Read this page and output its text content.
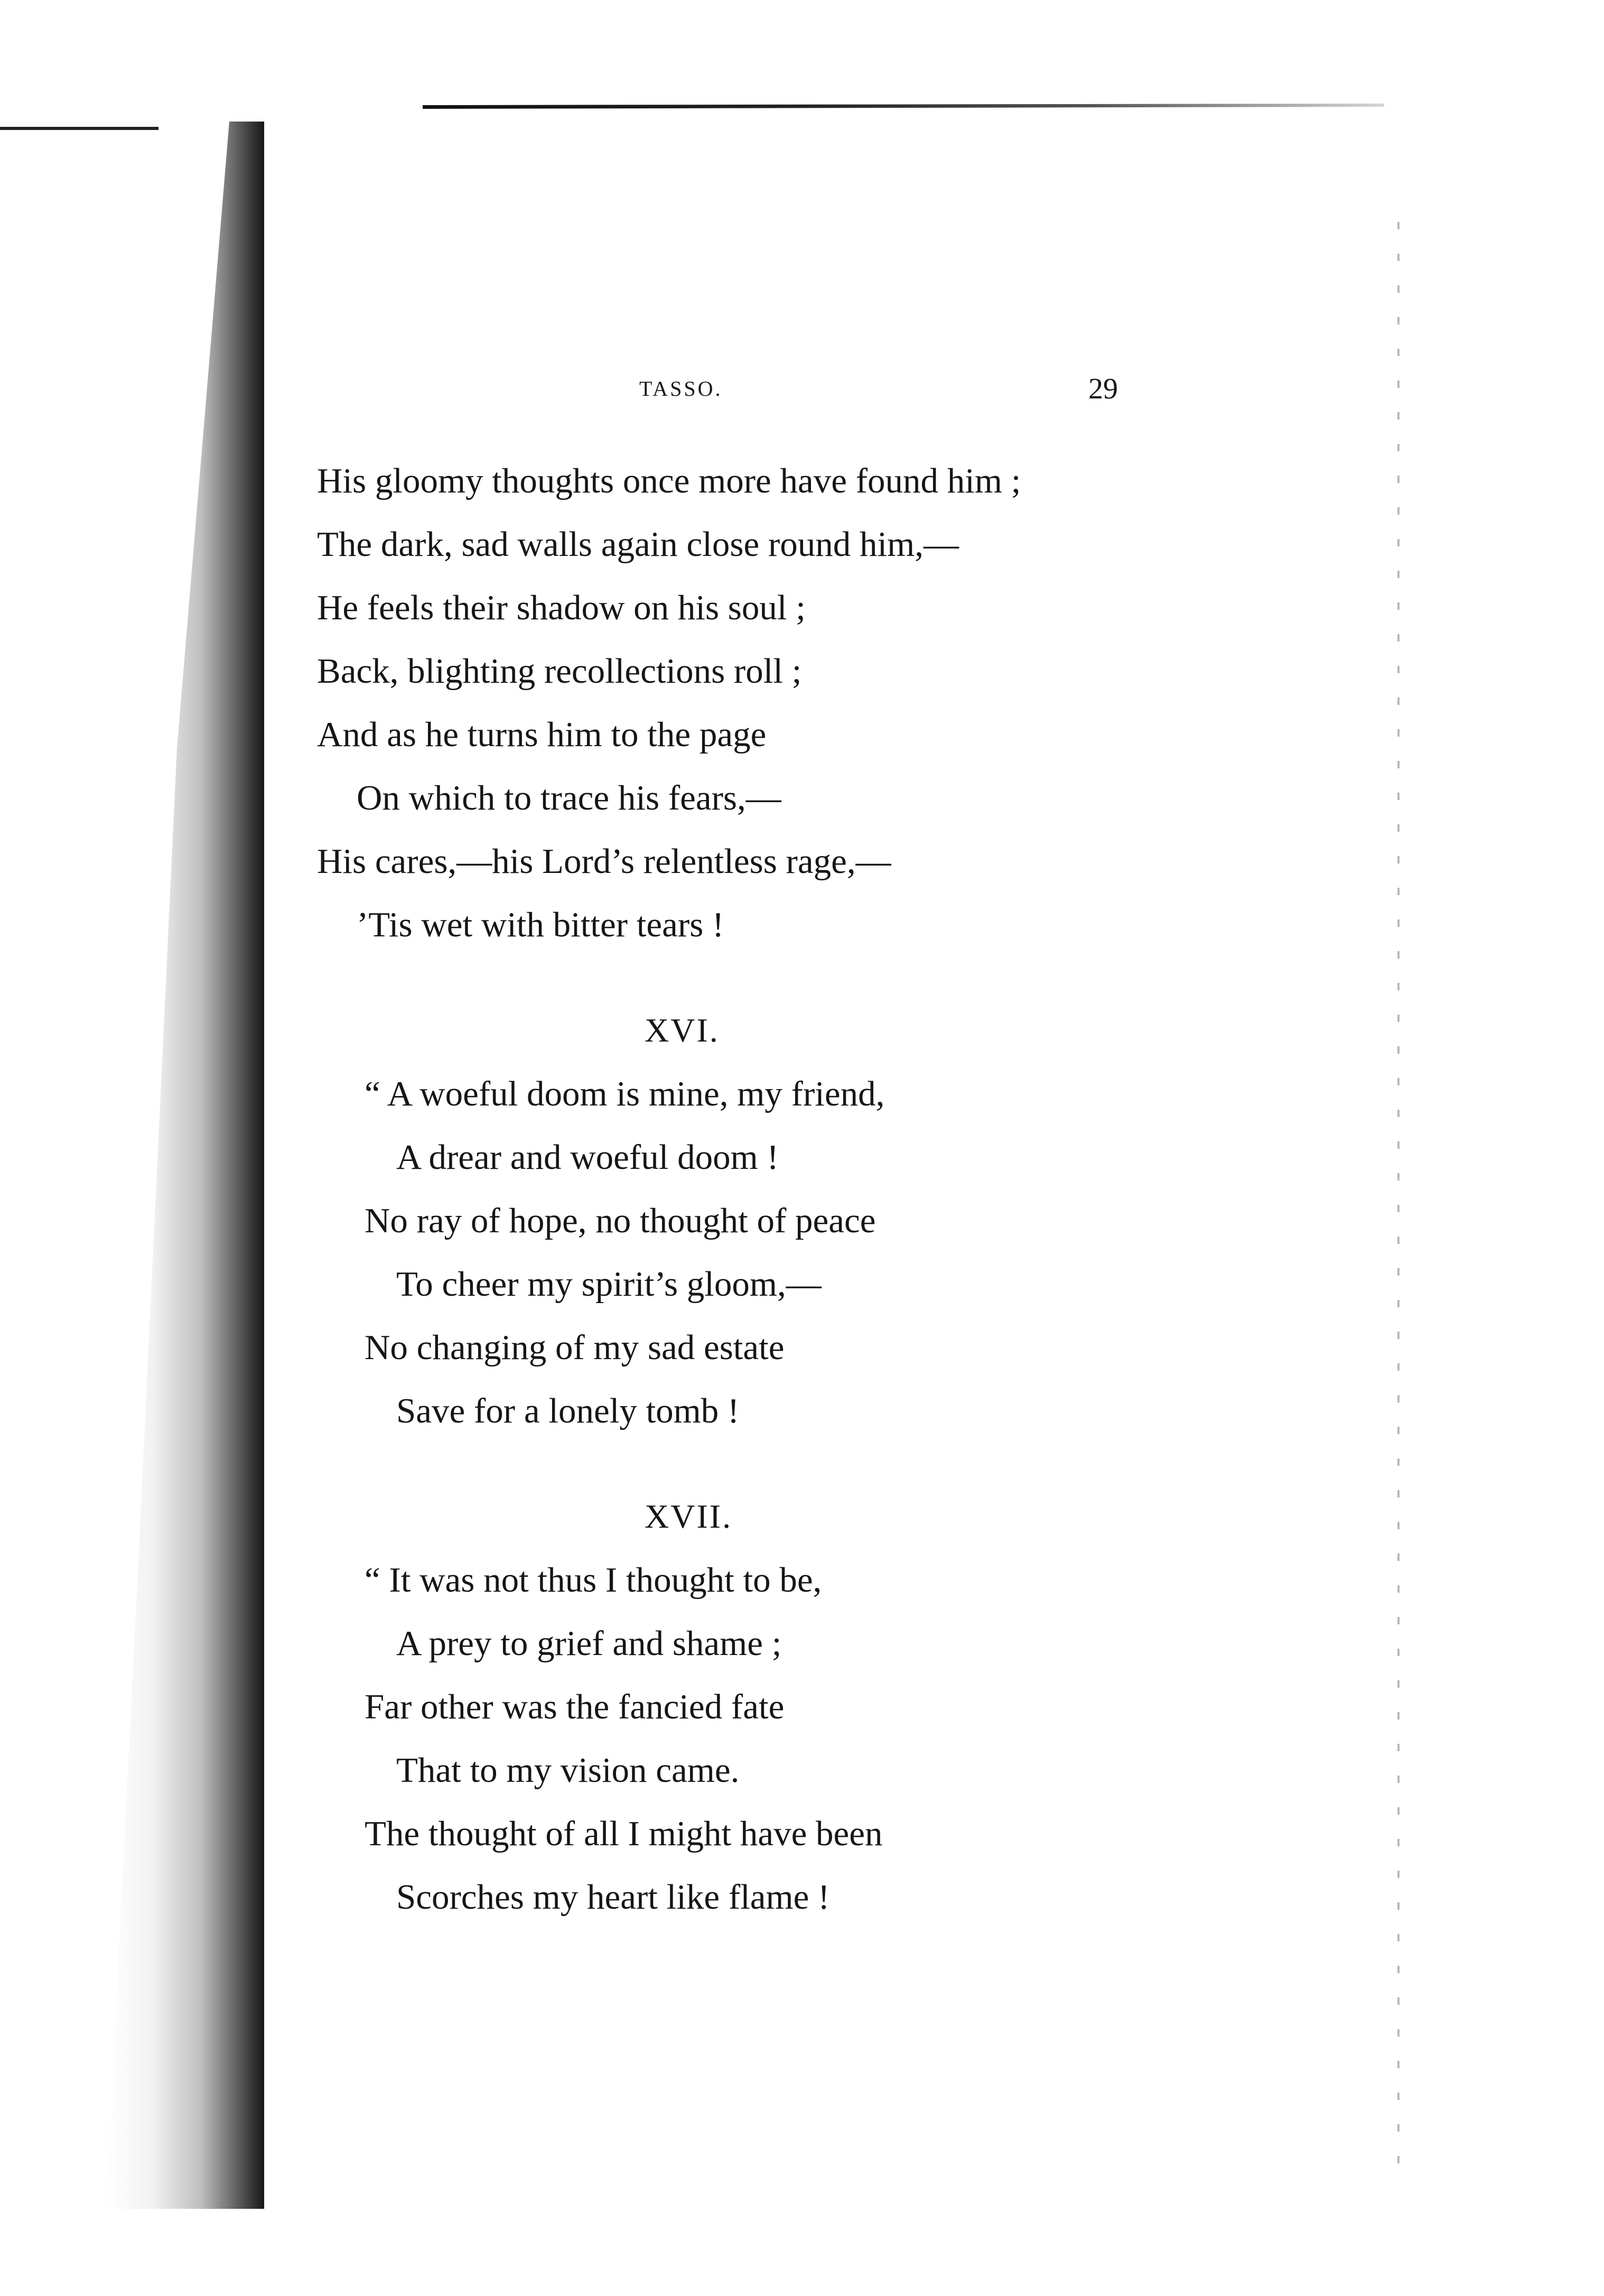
TASSO.	29
His gloomy thoughts once more have found him ;
The dark, sad walls again close round him,—
He feels their shadow on his soul ;
Back, blighting recollections roll ;
And as he turns him to the page
On which to trace his fears,—
His cares,—his Lord’s relentless rage,—
’Tis wet with bitter tears !
XVI.
“ A woeful doom is mine, my friend,
A drear and woeful doom !
No ray of hope, no thought of peace
To cheer my spirit’s gloom,—
No changing of my sad estate
Save for a lonely tomb !
XVII.
“ It was not thus I thought to be,
A prey to grief and shame ;
Far other was the fancied fate
That to my vision came.
The thought of all I might have been
Scorches my heart like flame !
